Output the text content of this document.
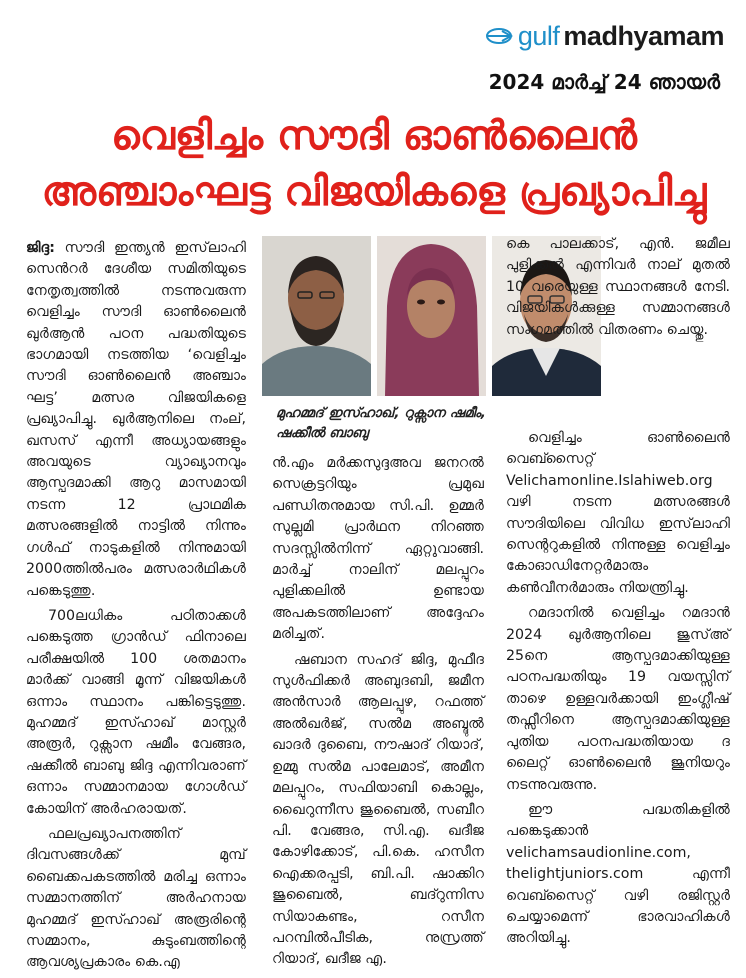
gulf madhyamam
2024 മാർച്ച് 24 ഞായർ
വെളിച്ചം സൗദി ഓൺലൈൻ
അഞ്ചാംഘട്ട വിജയികളെ പ്രഖ്യാപിച്ചു

ജിദ്ദ: സൗദി ഇന്ത്യൻ ഇസ്‌ലാഹി സെൻറർ ദേശീയ സമിതിയുടെ നേതൃത്വത്തിൽ നടന്നുവരുന്ന വെളിച്ചം സൗദി ഓൺലൈൻ ഖുർആൻ പഠന പദ്ധതിയുടെ ഭാഗമായി നടത്തിയ ‘വെളിച്ചം സൗദി ഓൺലൈൻ അഞ്ചാം ഘട്ട’ മത്സര വിജയികളെ പ്രഖ്യാപിച്ചു. ഖുർആനിലെ നംല്, ഖസസ് എന്നീ അധ്യായങ്ങളും അവയുടെ വ്യാഖ്യാനവും ആസ്പദമാക്കി ആറു മാസമായി നടന്ന 12 പ്രാഥമിക മത്സരങ്ങളിൽ നാട്ടിൽ നിന്നും ഗൾഫ് നാടുകളിൽ നിന്നുമായി 2000ത്തിൽപരം മത്സരാർഥികൾ പങ്കെടുത്തു.

700ലധികം പഠിതാക്കൾ പങ്കെടുത്ത ഗ്രാൻഡ് ഫിനാലെ പരീക്ഷയിൽ 100 ശതമാനം മാർക്ക് വാങ്ങി മൂന്ന് വിജയികൾ ഒന്നാം സ്ഥാനം പങ്കിട്ടെടുത്തു. മുഹമ്മദ് ഇസ്ഹാഖ് മാസ്റ്റർ അരൂർ, റുക്സാന ഷമീം വേങ്ങര, ഷക്കീൽ ബാബു ജിദ്ദ എന്നിവരാണ് ഒന്നാം സമ്മാനമായ ഗോൾഡ് കോയിന് അർഹരായത്.

ഫലപ്രഖ്യാപനത്തിന് ദിവസങ്ങൾക്ക് മുമ്പ് ബൈക്കപകടത്തിൽ മരിച്ച ഒന്നാം സമ്മാനത്തിന് അർഹനായ മുഹമ്മദ് ഇസ്ഹാഖ് അരൂരിന്റെ സമ്മാനം, കുടുംബത്തിന്റെ ആവശ്യപ്രകാരം കെ.എ

മുഹമ്മദ് ഇസ്ഹാഖ്, റുക്സാന ഷമീം, ഷക്കീൽ ബാബു

ൻ.എം മർക്കസുദ്ദഅവ ജനറൽ സെക്രട്ടറിയും പ്രമുഖ പണ്ഡിതനുമായ സി.പി. ഉമ്മർ സുല്ലമി പ്രാർഥന നിറഞ്ഞ സദസ്സിൽനിന്ന് ഏറ്റുവാങ്ങി. മാർച്ച് നാലിന് മലപ്പുറം പുളിക്കലിൽ ഉണ്ടായ അപകടത്തിലാണ് അദ്ദേഹം മരിച്ചത്.

ഷബാന സഹദ് ജിദ്ദ, മുഫീദ സുൾഫിക്കർ അബുദബി, ജമീന അൻസാർ ആലപ്പുഴ, റഫത്ത് അൽഖർജ്, സൽമ അബ്ദുൽ ഖാദർ ദുബൈ, നൗഷാദ് റിയാദ്, ഉമ്മു സൽമ പാലേമാട്, അമീന മലപ്പുറം, സഫിയാബി കൊല്ലം, ഖൈറുന്നീസ ജുബൈൽ, സബീറ പി. വേങ്ങര, സി.എ. ഖദീജ കോഴിക്കോട്, പി.കെ. ഹസീന ഐക്കരപ്പടി, ബി.പി. ഷാക്കിറ ജുബൈൽ, ബദ്റുന്നിസ സിയാകണ്ടം, റസീന പറമ്പിൽപീടിക, നുസ്രത്ത് റിയാദ്, ഖദീജ എ.

കെ പാലക്കാട്, എൻ. ജമീല പുളിക്കൽ എന്നിവർ നാല് മുതൽ 10 വരെയുള്ള സ്ഥാനങ്ങൾ നേടി. വിജയികൾക്കുള്ള സമ്മാനങ്ങൾ സംഗമത്തിൽ വിതരണം ചെയ്തു.

വെളിച്ചം ഓൺലൈൻ വെബ്സൈറ്റ് Velichamonline.Islahiweb.org വഴി നടന്ന മത്സരങ്ങൾ സൗദിയിലെ വിവിധ ഇസ്‌ലാഹി സെന്ററുകളിൽ നിന്നുള്ള വെളിച്ചം കോഓഡിനേറ്റർമാരും കൺവീനർമാരും നിയന്ത്രിച്ചു.

റമദാനിൽ വെളിച്ചം റമദാൻ 2024 ഖുർആനിലെ ജുസ്അ് 25നെ ആസ്പദമാക്കിയുള്ള പഠനപദ്ധതിയും 19 വയസ്സിന് താഴെ ഉള്ളവർക്കായി ഇംഗ്ലീഷ് തഫ്സീറിനെ ആസ്പദമാക്കിയുള്ള പുതിയ പഠനപദ്ധതിയായ ദ ലൈറ്റ് ഓൺലൈൻ ജൂനിയറും നടന്നുവരുന്നു.

ഈ പദ്ധതികളിൽ പങ്കെടുക്കാൻ velichamsaudionline.com, thelightjuniors.com എന്നീ വെബ്സൈറ്റ് വഴി രജിസ്റ്റർ ചെയ്യാമെന്ന് ഭാരവാഹികൾ അറിയിച്ചു.
